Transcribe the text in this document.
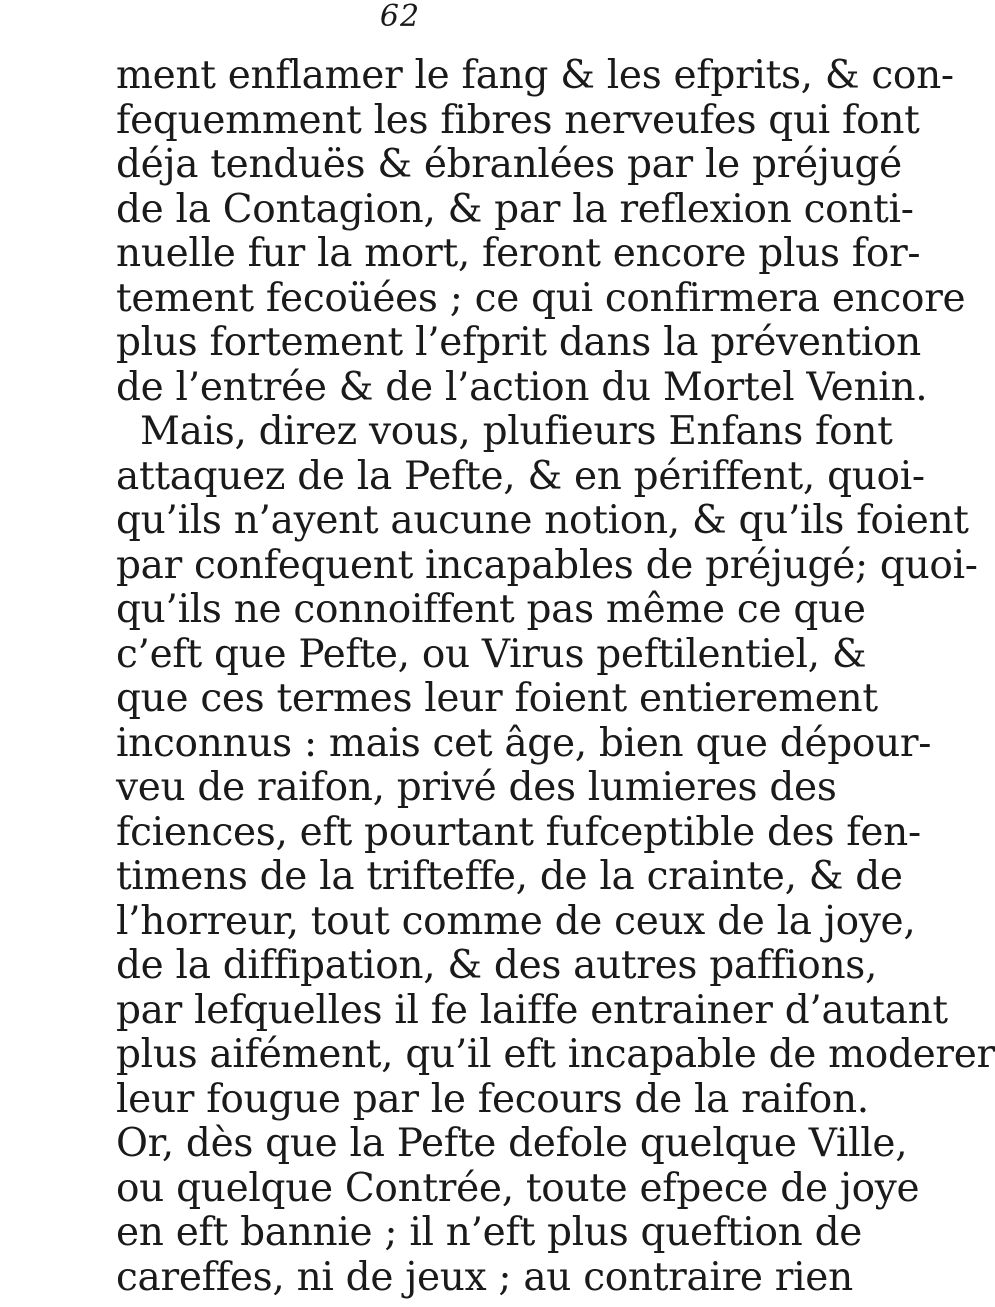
62
ment enflamer le fang & les efprits, & con-
fequemment les fibres nerveufes qui font
déja tenduës & ébranlées par le préjugé
de la Contagion, & par la reflexion conti-
nuelle fur la mort, feront encore plus for-
tement fecoüées ; ce qui confirmera encore
plus fortement l’efprit dans la prévention
de l’entrée & de l’action du Mortel Venin.
Mais, direz vous, plufieurs Enfans font
attaquez de la Pefte, & en périffent, quoi-
qu’ils n’ayent aucune notion, & qu’ils foient
par confequent incapables de préjugé; quoi-
qu’ils ne connoiffent pas même ce que
c’eft que Pefte, ou Virus peftilentiel, &
que ces termes leur foient entierement
inconnus : mais cet âge, bien que dépour-
veu de raifon, privé des lumieres des
fciences, eft pourtant fufceptible des fen-
timens de la trifteffe, de la crainte, & de
l’horreur, tout comme de ceux de la joye,
de la diffipation, & des autres paffions,
par lefquelles il fe laiffe entrainer d’autant
plus aifément, qu’il eft incapable de moderer
leur fougue par le fecours de la raifon.
Or, dès que la Pefte defole quelque Ville,
ou quelque Contrée, toute efpece de joye
en eft bannie ; il n’eft plus queftion de
careffes, ni de jeux ; au contraire rien
